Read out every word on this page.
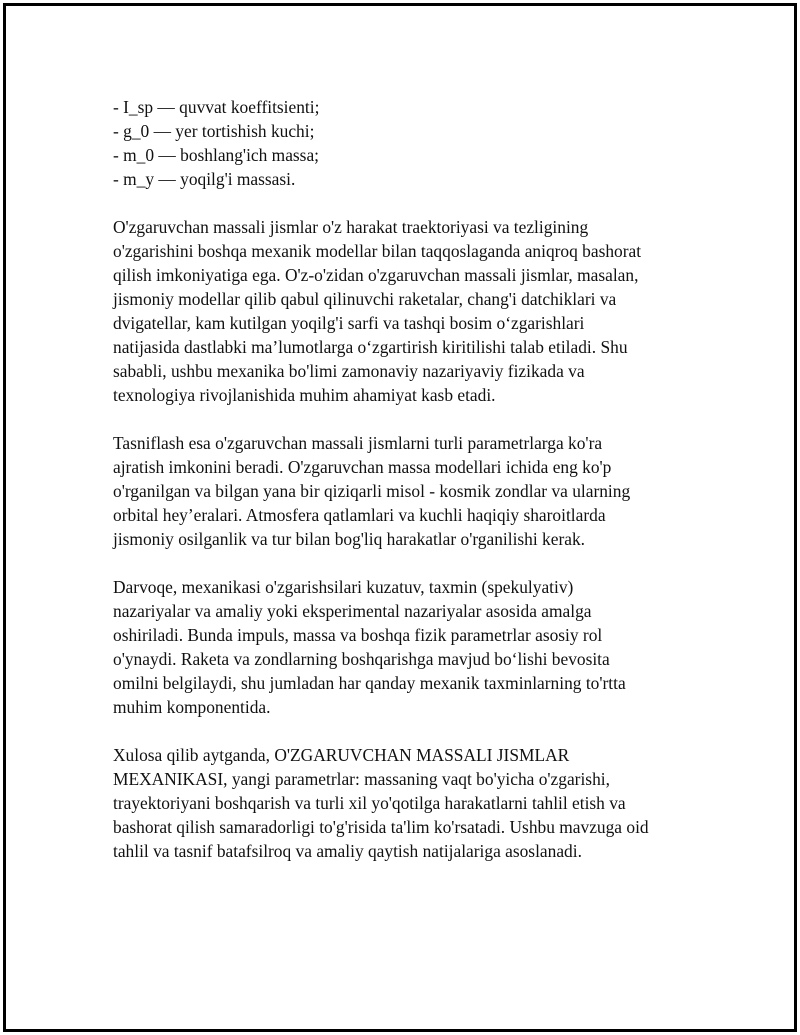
- I_sp — quvvat koeffitsienti;
- g_0 — yer tortishish kuchi;
- m_0 — boshlang'ich massa;
- m_y — yoqilg'i massasi.

O'zgaruvchan massali jismlar o'z harakat traektoriyasi va tezligining
o'zgarishini boshqa mexanik modellar bilan taqqoslaganda aniqroq bashorat
qilish imkoniyatiga ega. O'z-o'zidan o'zgaruvchan massali jismlar, masalan,
jismoniy modellar qilib qabul qilinuvchi raketalar, chang'i datchiklari va
dvigatellar, kam kutilgan yoqilg'i sarfi va tashqi bosim o‘zgarishlari
natijasida dastlabki ma’lumotlarga o‘zgartirish kiritilishi talab etiladi. Shu
sababli, ushbu mexanika bo'limi zamonaviy nazariyaviy fizikada va
texnologiya rivojlanishida muhim ahamiyat kasb etadi.

Tasniflash esa o'zgaruvchan massali jismlarni turli parametrlarga ko'ra
ajratish imkonini beradi. O'zgaruvchan massa modellari ichida eng ko'p
o'rganilgan va bilgan yana bir qiziqarli misol - kosmik zondlar va ularning
orbital hey’eralari. Atmosfera qatlamlari va kuchli haqiqiy sharoitlarda
jismoniy osilganlik va tur bilan bog'liq harakatlar o'rganilishi kerak.

Darvoqe, mexanikasi o'zgarishsilari kuzatuv, taxmin (spekulyativ)
nazariyalar va amaliy yoki eksperimental nazariyalar asosida amalga
oshiriladi. Bunda impuls, massa va boshqa fizik parametrlar asosiy rol
o'ynaydi. Raketa va zondlarning boshqarishga mavjud bo‘lishi bevosita
omilni belgilaydi, shu jumladan har qanday mexanik taxminlarning to'rtta
muhim komponentida.

Xulosa qilib aytganda, O'ZGARUVCHAN MASSALI JISMLAR
MEXANIKASI, yangi parametrlar: massaning vaqt bo'yicha o'zgarishi,
trayektoriyani boshqarish va turli xil yo'qotilga harakatlarni tahlil etish va
bashorat qilish samaradorligi to'g'risida ta'lim ko'rsatadi. Ushbu mavzuga oid
tahlil va tasnif batafsilroq va amaliy qaytish natijalariga asoslanadi.
